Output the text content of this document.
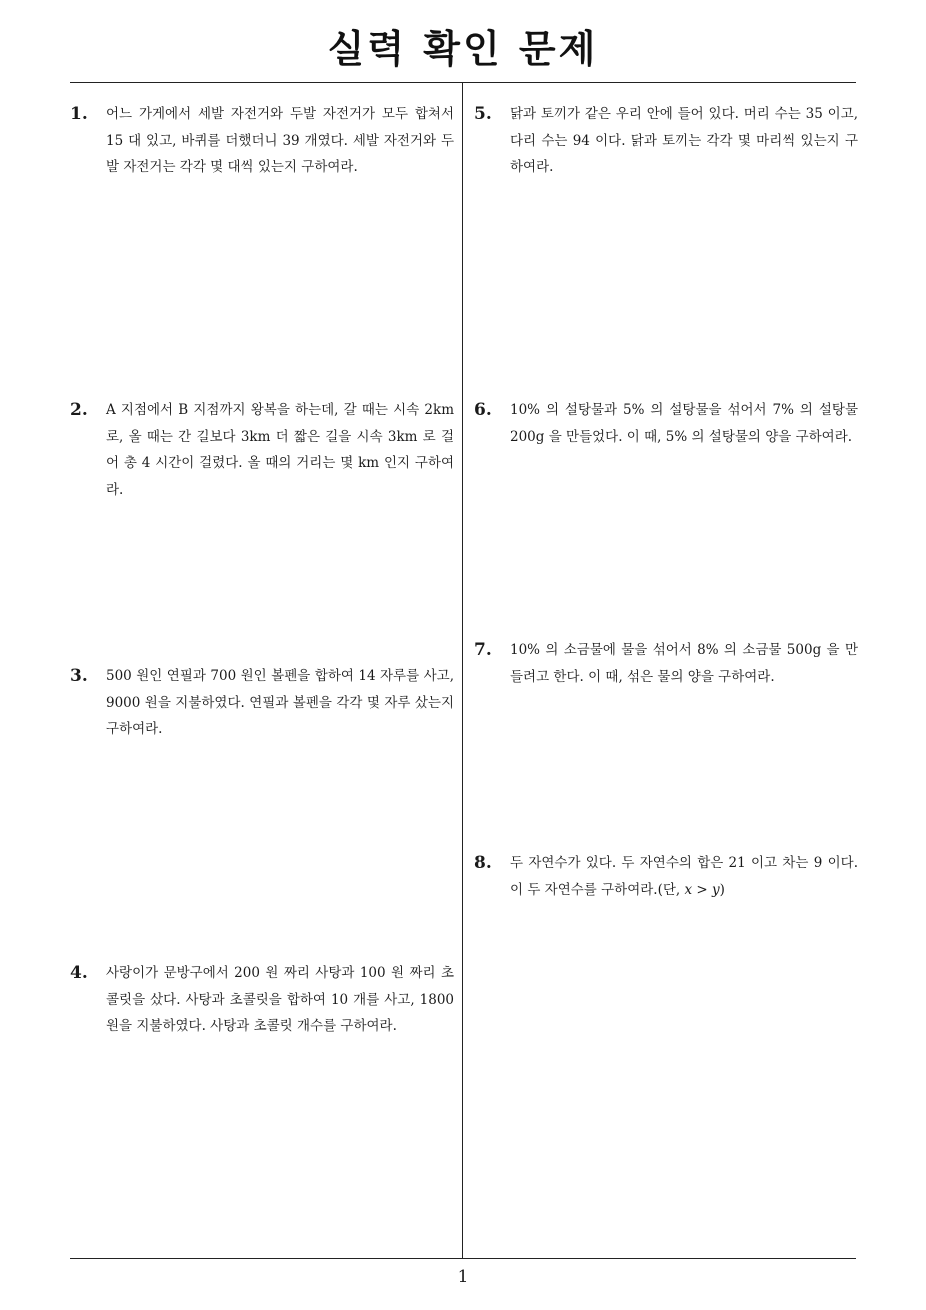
실력 확인 문제
1. 어느 가게에서 세발 자전거와 두발 자전거가 모두 합쳐서 15 대 있고, 바퀴를 더했더니 39 개였다. 세발 자전거와 두발 자전거는 각각 몇 대씩 있는지 구하여라.
2. A 지점에서 B 지점까지 왕복을 하는데, 갈 때는 시속 2km 로, 올 때는 간 길보다 3km 더 짧은 길을 시속 3km 로 걸어 총 4 시간이 걸렸다. 올 때의 거리는 몇 km 인지 구하여라.
3. 500 원인 연필과 700 원인 볼펜을 합하여 14 자루를 사고, 9000 원을 지불하였다. 연필과 볼펜을 각각 몇 자루 샀는지 구하여라.
4. 사랑이가 문방구에서 200 원 짜리 사탕과 100 원 짜리 초콜릿을 샀다. 사탕과 초콜릿을 합하여 10 개를 사고, 1800 원을 지불하였다. 사탕과 초콜릿 개수를 구하여라.
5. 닭과 토끼가 같은 우리 안에 들어 있다. 머리 수는 35 이고, 다리 수는 94 이다. 닭과 토끼는 각각 몇 마리씩 있는지 구하여라.
6. 10% 의 설탕물과 5% 의 설탕물을 섞어서 7% 의 설탕물 200g 을 만들었다. 이 때, 5% 의 설탕물의 양을 구하여라.
7. 10% 의 소금물에 물을 섞어서 8% 의 소금물 500g 을 만들려고 한다. 이 때, 섞은 물의 양을 구하여라.
8. 두 자연수가 있다. 두 자연수의 합은 21 이고 차는 9 이다. 이 두 자연수를 구하여라.(단, x > y)
1
